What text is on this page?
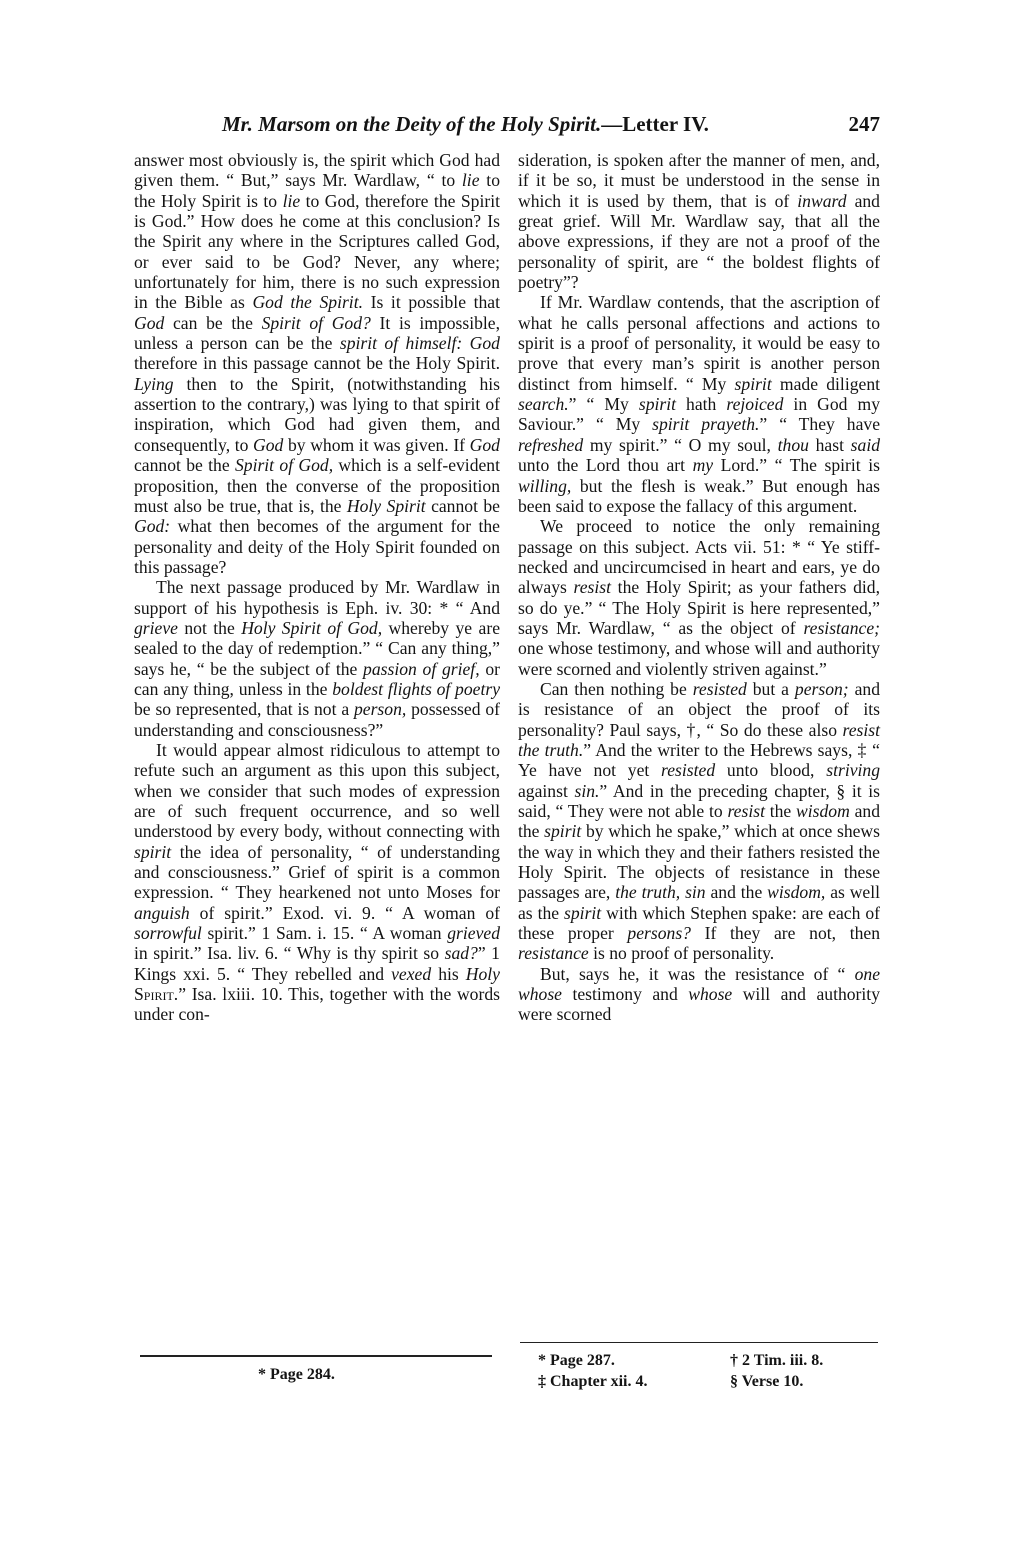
Mr. Marsom on the Deity of the Holy Spirit.—Letter IV.	247

answer most obviously is, the spirit which God had given them. “ But,” says Mr. Wardlaw, “ to lie to the Holy Spirit is to lie to God, therefore the Spirit is God.” How does he come at this conclusion? Is the Spirit any where in the Scriptures called God, or ever said to be God? Never, any where; unfortunately for him, there is no such expression in the Bible as God the Spirit. Is it possible that God can be the Spirit of God? It is impossible, unless a person can be the spirit of himself: God therefore in this passage cannot be the Holy Spirit. Lying then to the Spirit, (notwithstanding his assertion to the contrary,) was lying to that spirit of inspiration, which God had given them, and consequently, to God by whom it was given. If God cannot be the Spirit of God, which is a self-evident proposition, then the converse of the proposition must also be true, that is, the Holy Spirit cannot be God: what then becomes of the argument for the personality and deity of the Holy Spirit founded on this passage?

The next passage produced by Mr. Wardlaw in support of his hypothesis is Eph. iv. 30: * “ And grieve not the Holy Spirit of God, whereby ye are sealed to the day of redemption.” “ Can any thing,” says he, “ be the subject of the passion of grief, or can any thing, unless in the boldest flights of poetry be so represented, that is not a person, possessed of understanding and consciousness?”

It would appear almost ridiculous to attempt to refute such an argument as this upon this subject, when we consider that such modes of expression are of such frequent occurrence, and so well understood by every body, without connecting with spirit the idea of personality, “ of understanding and consciousness.” Grief of spirit is a common expression. “ They hearkened not unto Moses for anguish of spirit.” Exod. vi. 9. “ A woman of sorrowful spirit.” 1 Sam. i. 15. “ A woman grieved in spirit.” Isa. liv. 6. “ Why is thy spirit so sad?” 1 Kings xxi. 5. “ They rebelled and vexed his Holy Spirit.” Isa. lxiii. 10. This, together with the words under con-

sideration, is spoken after the manner of men, and, if it be so, it must be understood in the sense in which it is used by them, that is of inward and great grief. Will Mr. Wardlaw say, that all the above expressions, if they are not a proof of the personality of spirit, are “ the boldest flights of poetry”?

If Mr. Wardlaw contends, that the ascription of what he calls personal affections and actions to spirit is a proof of personality, it would be easy to prove that every man’s spirit is another person distinct from himself. “ My spirit made diligent search.” “ My spirit hath rejoiced in God my Saviour.” “ My spirit prayeth.” “ They have refreshed my spirit.” “ O my soul, thou hast said unto the Lord thou art my Lord.” “ The spirit is willing, but the flesh is weak.” But enough has been said to expose the fallacy of this argument.

We proceed to notice the only remaining passage on this subject. Acts vii. 51: * “ Ye stiff-necked and uncircumcised in heart and ears, ye do always resist the Holy Spirit; as your fathers did, so do ye.” “ The Holy Spirit is here represented,” says Mr. Wardlaw, “ as the object of resistance; one whose testimony, and whose will and authority were scorned and violently striven against.”

Can then nothing be resisted but a person; and is resistance of an object the proof of its personality? Paul says, †, “ So do these also resist the truth.” And the writer to the Hebrews says, ‡ “ Ye have not yet resisted unto blood, striving against sin.” And in the preceding chapter, § it is said, “ They were not able to resist the wisdom and the spirit by which he spake,” which at once shews the way in which they and their fathers resisted the Holy Spirit. The objects of resistance in these passages are, the truth, sin and the wisdom, as well as the spirit with which Stephen spake: are each of these proper persons? If they are not, then resistance is no proof of personality.

But, says he, it was the resistance of “ one whose testimony and whose will and authority were scorned

* Page 284.
* Page 287.	† 2 Tim. iii. 8.
‡ Chapter xii. 4.	§ Verse 10.
